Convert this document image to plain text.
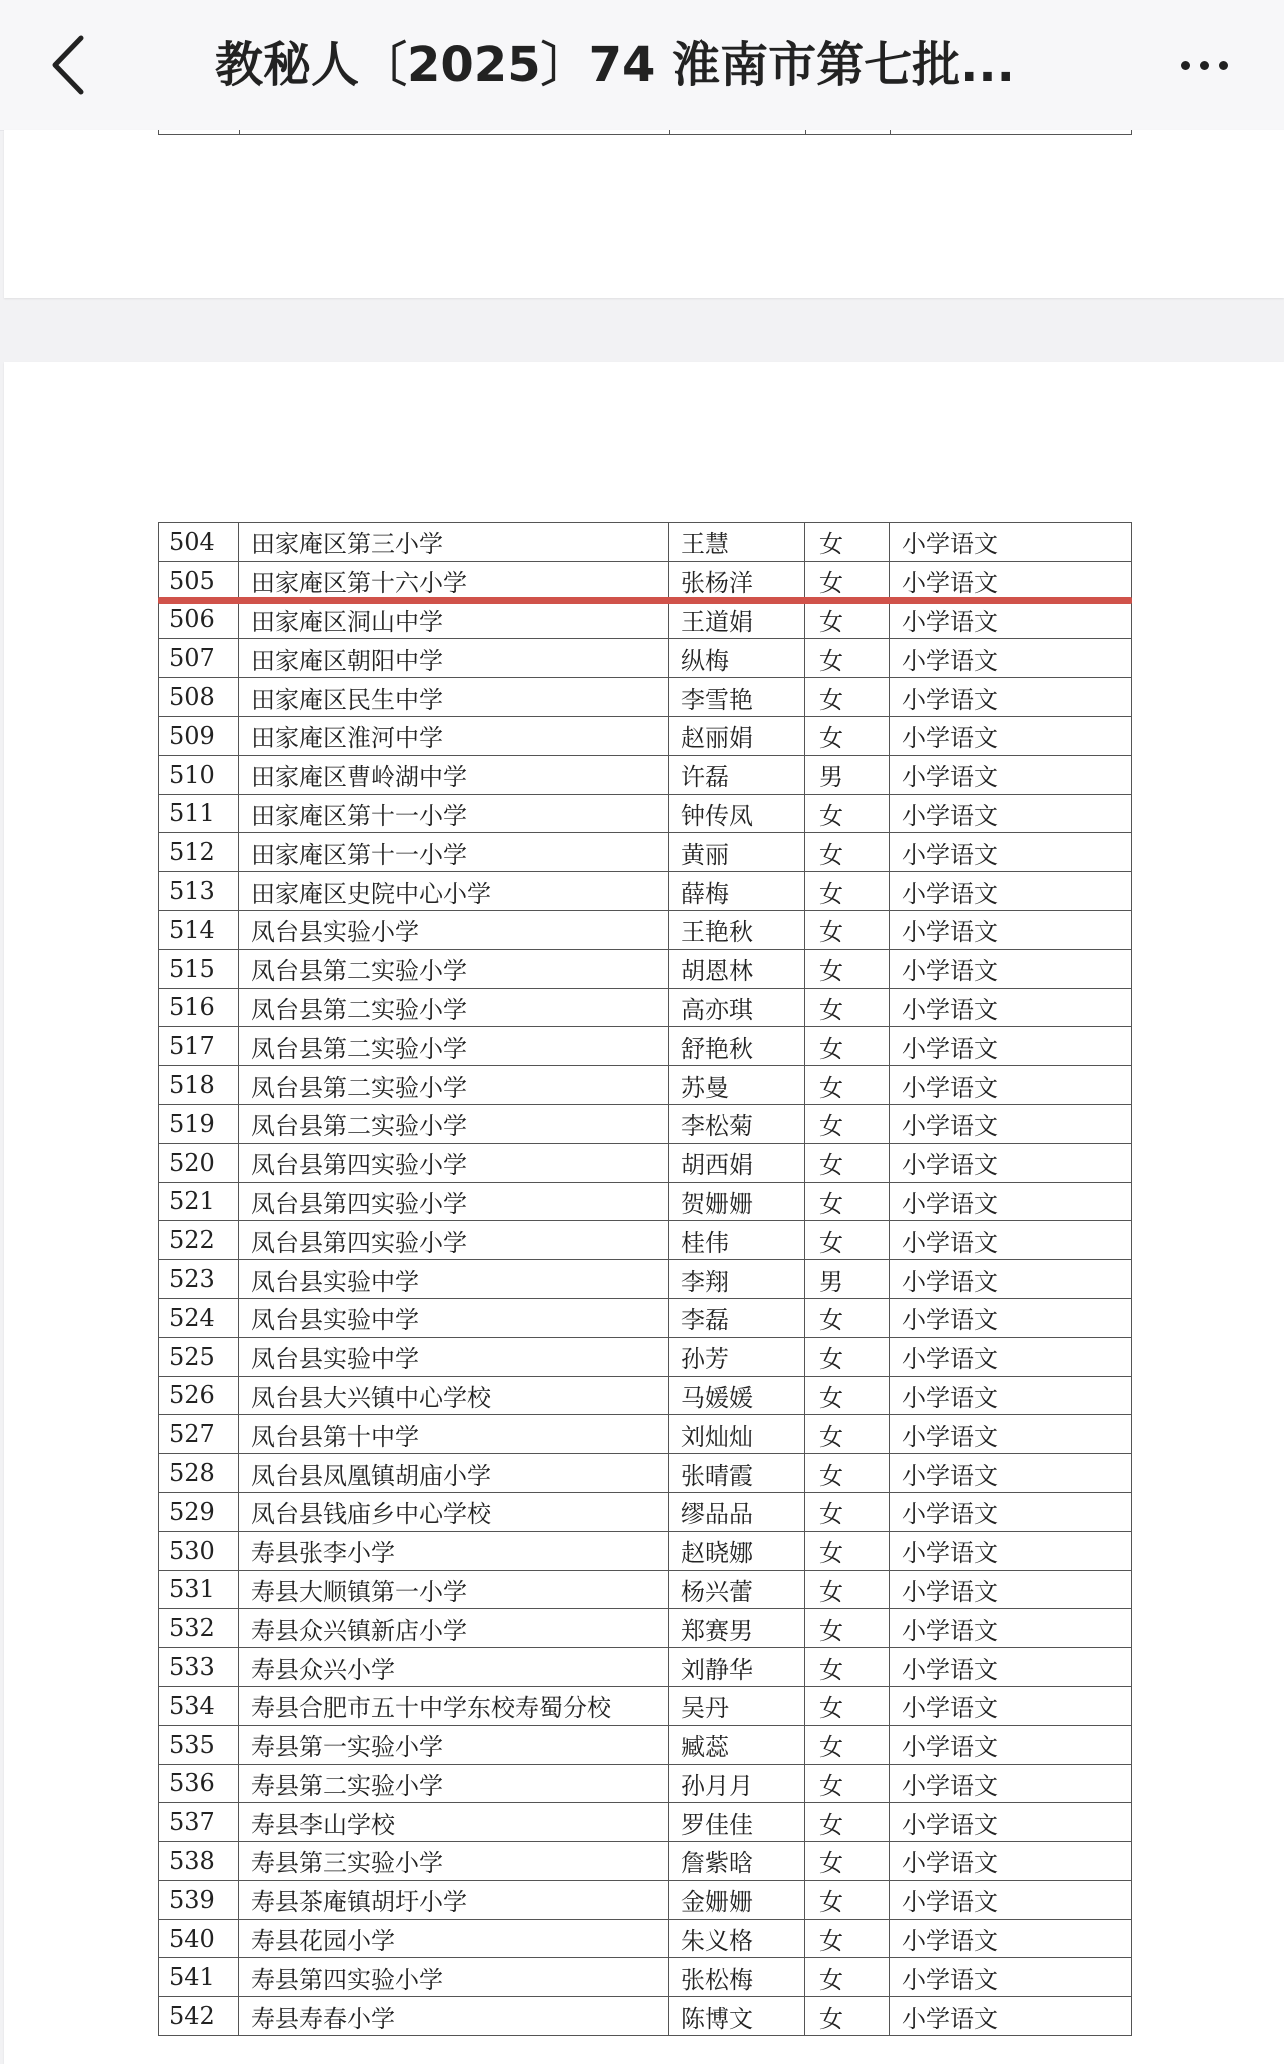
教秘人〔2025〕74 淮南市第七批...
504	田家庵区第三小学	王慧	女	小学语文
505	田家庵区第十六小学	张杨洋	女	小学语文
506	田家庵区洞山中学	王道娟	女	小学语文
507	田家庵区朝阳中学	纵梅	女	小学语文
508	田家庵区民生中学	李雪艳	女	小学语文
509	田家庵区淮河中学	赵丽娟	女	小学语文
510	田家庵区曹岭湖中学	许磊	男	小学语文
511	田家庵区第十一小学	钟传凤	女	小学语文
512	田家庵区第十一小学	黄丽	女	小学语文
513	田家庵区史院中心小学	薛梅	女	小学语文
514	凤台县实验小学	王艳秋	女	小学语文
515	凤台县第二实验小学	胡恩林	女	小学语文
516	凤台县第二实验小学	高亦琪	女	小学语文
517	凤台县第二实验小学	舒艳秋	女	小学语文
518	凤台县第二实验小学	苏曼	女	小学语文
519	凤台县第二实验小学	李松菊	女	小学语文
520	凤台县第四实验小学	胡西娟	女	小学语文
521	凤台县第四实验小学	贺姗姗	女	小学语文
522	凤台县第四实验小学	桂伟	女	小学语文
523	凤台县实验中学	李翔	男	小学语文
524	凤台县实验中学	李磊	女	小学语文
525	凤台县实验中学	孙芳	女	小学语文
526	凤台县大兴镇中心学校	马媛媛	女	小学语文
527	凤台县第十中学	刘灿灿	女	小学语文
528	凤台县凤凰镇胡庙小学	张晴霞	女	小学语文
529	凤台县钱庙乡中心学校	缪品品	女	小学语文
530	寿县张李小学	赵晓娜	女	小学语文
531	寿县大顺镇第一小学	杨兴蕾	女	小学语文
532	寿县众兴镇新店小学	郑赛男	女	小学语文
533	寿县众兴小学	刘静华	女	小学语文
534	寿县合肥市五十中学东校寿蜀分校	吴丹	女	小学语文
535	寿县第一实验小学	臧蕊	女	小学语文
536	寿县第二实验小学	孙月月	女	小学语文
537	寿县李山学校	罗佳佳	女	小学语文
538	寿县第三实验小学	詹紫晗	女	小学语文
539	寿县茶庵镇胡圩小学	金姗姗	女	小学语文
540	寿县花园小学	朱义格	女	小学语文
541	寿县第四实验小学	张松梅	女	小学语文
542	寿县寿春小学	陈博文	女	小学语文
